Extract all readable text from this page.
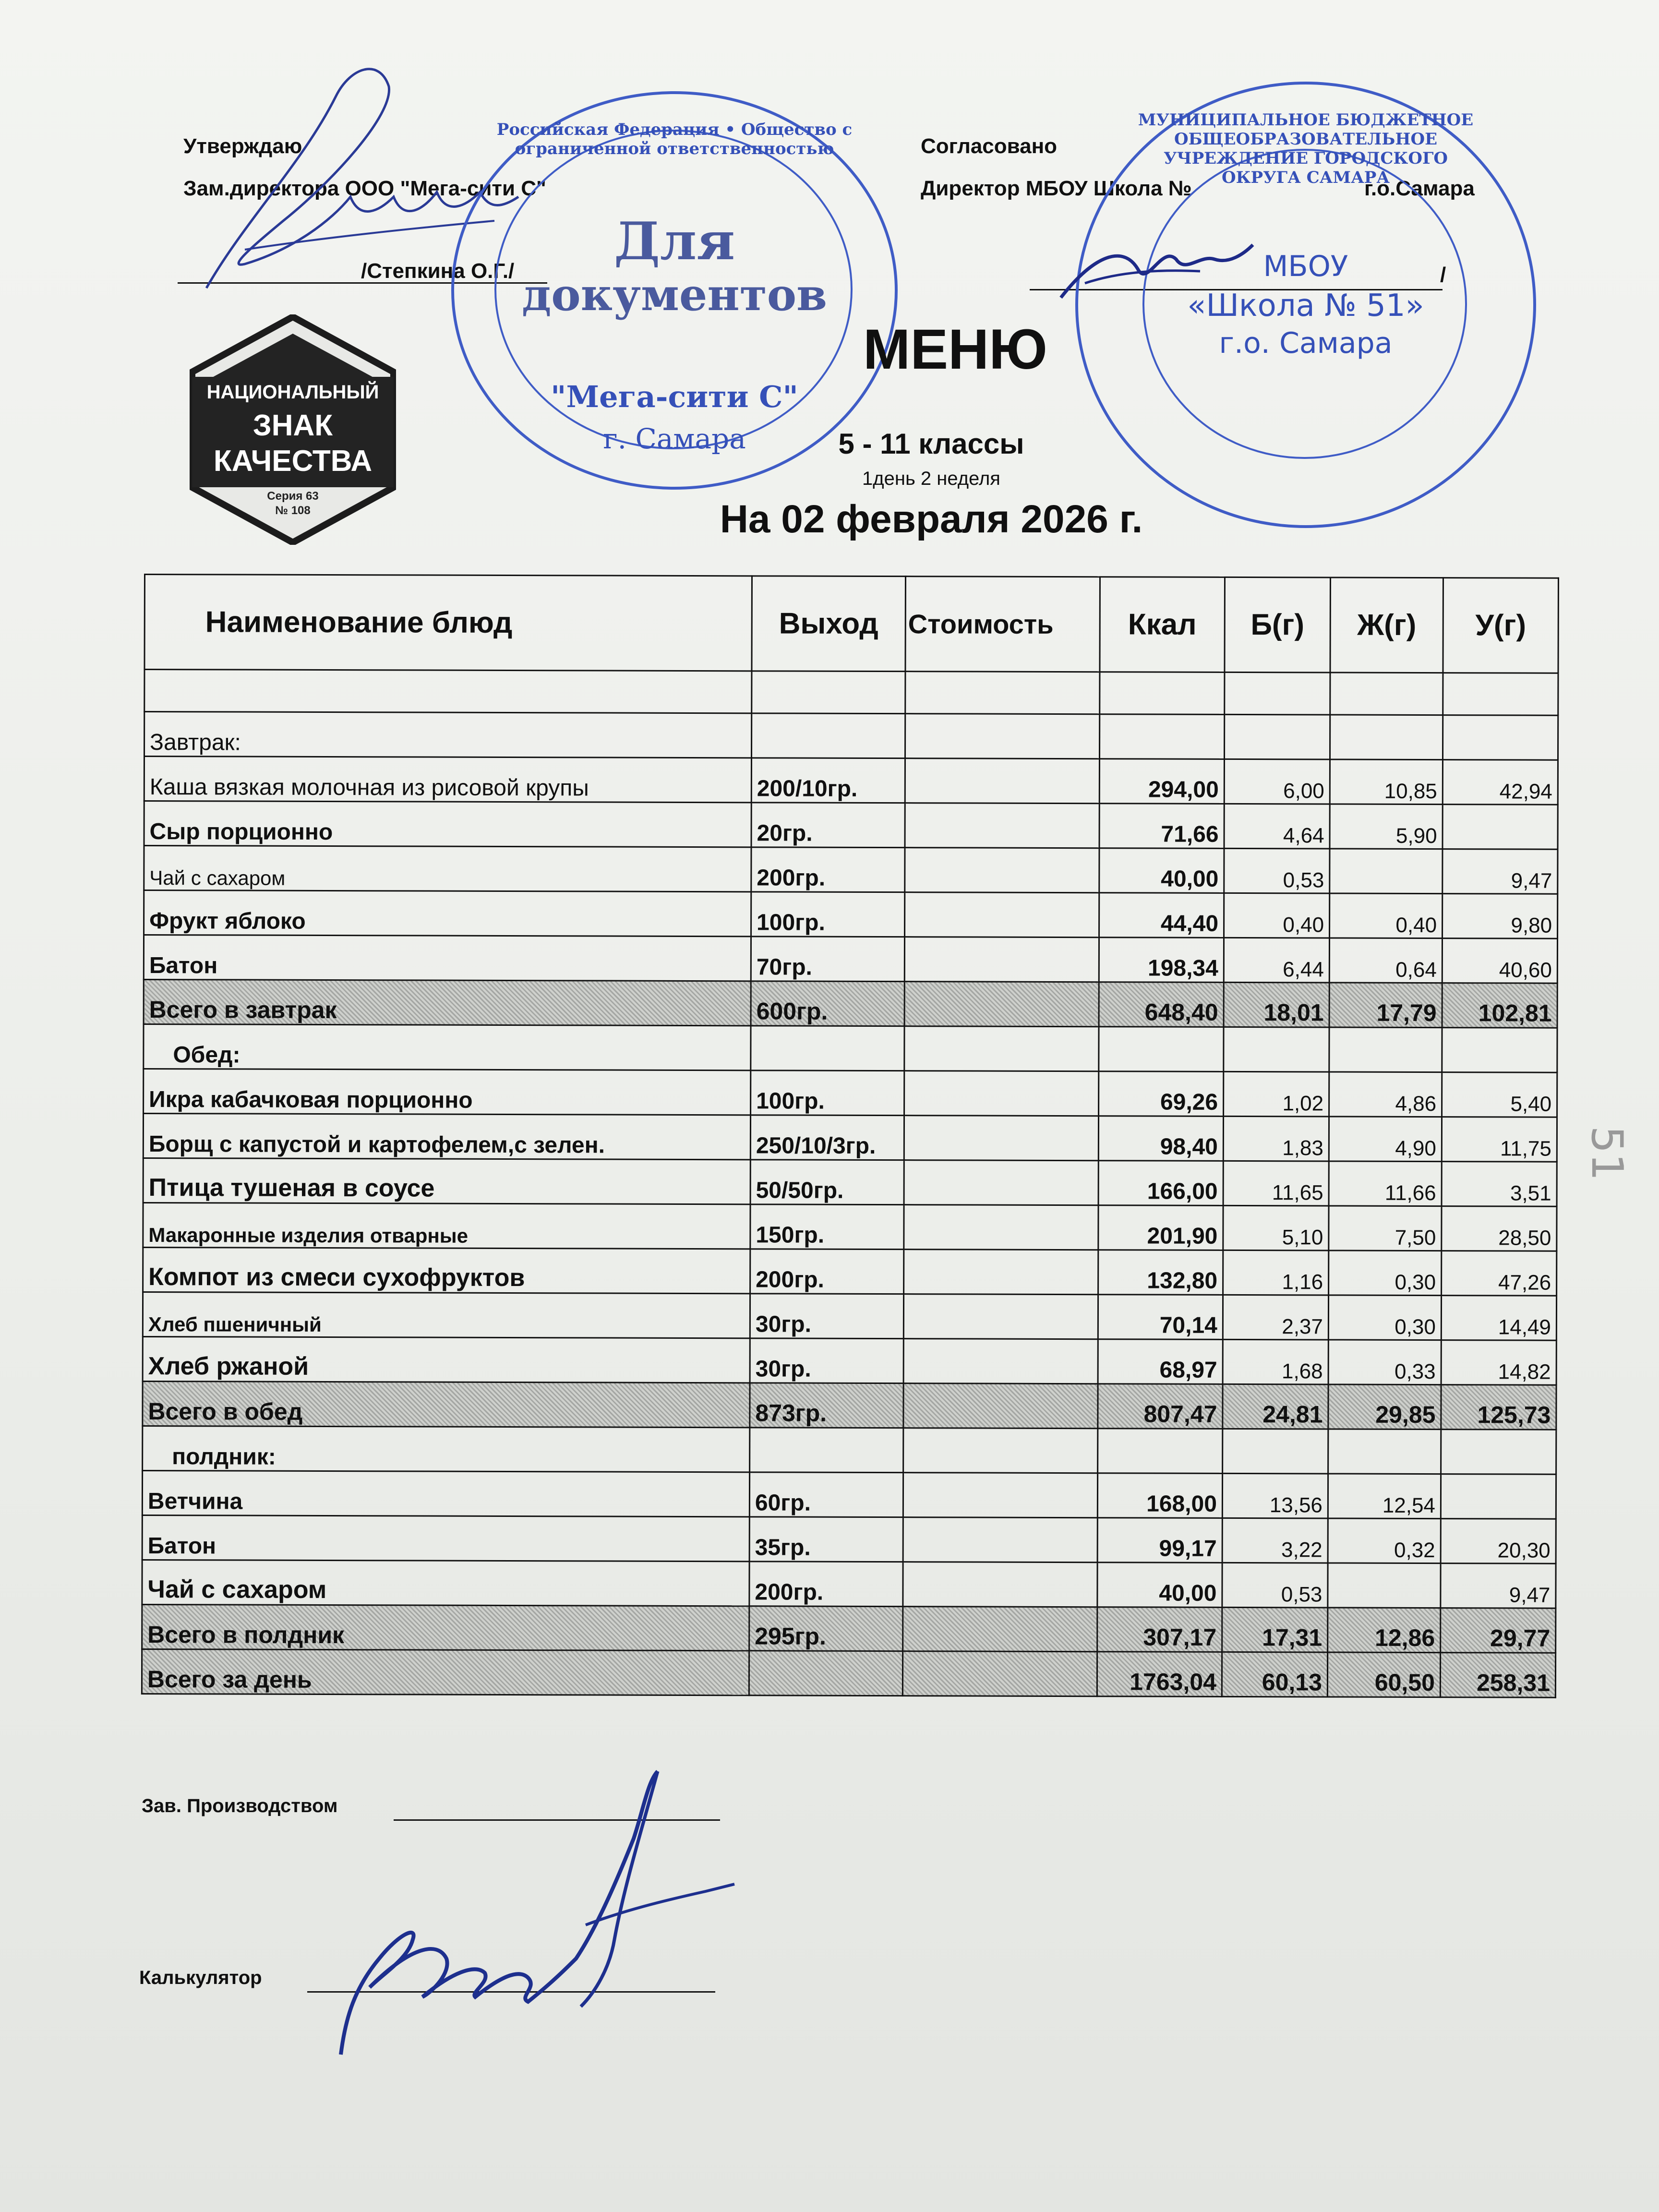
Утверждаю
Зам.директора ООО "Мега-сити С"
/Степкина О.Г./
Согласовано
Директор МБОУ Школа №	г.о.Самара
/
НАЦИОНАЛЬНЫЙ
ЗНАК
КАЧЕСТВА
Серия 63
№ 108
Для
документов
Российская Федерация • Общество с ограниченной ответственностью
"Мега-сити С"
г. Самара
МУНИЦИПАЛЬНОЕ БЮДЖЕТНОЕ ОБЩЕОБРАЗОВАТЕЛЬНОЕ УЧРЕЖДЕНИЕ ГОРОДСКОГО ОКРУГА САМАРА
МБОУ
«Школа № 51»
г.о. Самара
МЕНЮ
5 - 11 классы
1день 2 неделя
На 02 февраля 2026 г.
51
Наименование блюд	Выход	Стоимость	Ккал	Б(г)	Ж(г)	У(г)

Завтрак:						
Каша вязкая молочная из рисовой крупы	200/10гр.		294,00	6,00	10,85	42,94
Сыр порционно	20гр.		71,66	4,64	5,90	
Чай с сахаром	200гр.		40,00	0,53		9,47
Фрукт яблоко	100гр.		44,40	0,40	0,40	9,80
Батон	70гр.		198,34	6,44	0,64	40,60
Всего в завтрак	600гр.		648,40	18,01	17,79	102,81
Обед:						
Икра кабачковая порционно	100гр.		69,26	1,02	4,86	5,40
Борщ с капустой и картофелем,с зелен.	250/10/3гр.		98,40	1,83	4,90	11,75
Птица тушеная в соусе	50/50гр.		166,00	11,65	11,66	3,51
Макаронные изделия отварные	150гр.		201,90	5,10	7,50	28,50
Компот из смеси сухофруктов	200гр.		132,80	1,16	0,30	47,26
Хлеб пшеничный	30гр.		70,14	2,37	0,30	14,49
Хлеб ржаной	30гр.		68,97	1,68	0,33	14,82
Всего в обед	873гр.		807,47	24,81	29,85	125,73
полдник:						
Ветчина	60гр.		168,00	13,56	12,54	
Батон	35гр.		99,17	3,22	0,32	20,30
Чай с сахаром	200гр.		40,00	0,53		9,47
Всего в полдник	295гр.		307,17	17,31	12,86	29,77
Всего за день			1763,04	60,13	60,50	258,31
Зав. Производством
Калькулятор
